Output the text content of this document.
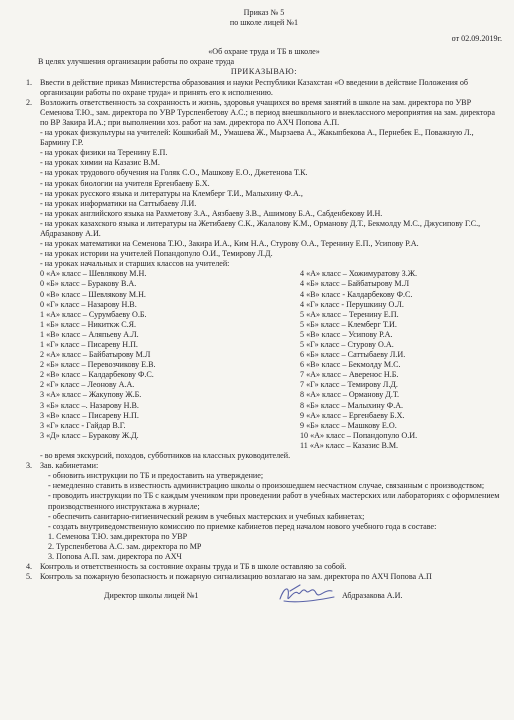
Приказ № 5
по школе лицей №1
от 02.09.2019г.
«Об охране труда и ТБ в школе»
В целях улучшения организации работы по охране труда
ПРИКАЗЫВАЮ:
1. Ввести в действие приказ Министерства образования и науки Республики Казахстан «О введении в действие Положения об организации работы по охране труда» и принять его к исполнению.
2. Возложить ответственность за сохранность и жизнь, здоровья учащихся во время занятий в школе на зам. директора по УВР Семенова Т.Ю., зам. директора по УВР Турспенбетову А.С.; в период внешкольного и внеклассного мероприятия на зам. директора по ВР Закира И.А.; при выполнении хоз. работ на зам. директора по АХЧ Попова А.П.
- на уроках физкультуры на учителей: Кошкибай М., Умашева Ж., Мырзаева А., Жакыпбекова А., Пернебек Е., Поважную Л., Бармину Г.Р.
- на уроках физики на Теренину Е.П.
- на уроках химии на Казазис В.М.
- на уроках трудового обучения на Голяк С.О., Машкову Е.О., Джетенова Т.К.
- на уроках биологии на учителя Ергенбаеву Б.Х.
- на уроках русского языка и литературы на Клемберг Т.И., Малыхину Ф.А.,
- на уроках информатики на Саттыбаеву Л.И.
- на уроках английского языка на Рахметову З.А., Аязбаеву З.В., Ашимову Б.А., Сабденбекову И.Н.
- на уроках казахского языка и литературы на Жетибаеву С.К., Жалалову К.М., Орманову Д.Т., Бекмолду М.С., Джусипову Г.С., Абдразакову А.И.
- на уроках математики на Семенова Т.Ю., Закира И.А., Ким Н.А., Стурову О.А., Теренину Е.П., Усипову Р.А.
- на уроках истории на учителей Попандопуло О.И., Темирову Л.Д.
- на уроках начальных и старших классов на учителей:
0 «А» класс – Шевлякову М.Н.
0 «Б» класс – Буракову В.А.
0 «В» класс – Шевлякову М.Н.
0 «Г» класс – Назарову Н.В.
1 «А» класс – Сурумбаеву О.Б.
1 «Б» класс – Никиткж С.Я.
1 «В» класс – Аляпьеву А.Л.
1 «Г» класс – Писареву Н.П.
2 «А» класс – Байбатырову М.Л
2 «Б» класс – Перевозчикову Е.В.
2 «В» класс – Калдарбекову Ф.С.
2 «Г» класс – Леонову А.А.
3 «А» класс – Жакупову Ж.Б.
3 «Б» класс –. Назарову Н.В.
3 «В» класс – Писареву Н.П.
3 «Г» класс - Гайдар В.Г.
3 «Д» класс – Буракову Ж.Д.
4 «А» класс – Хожимуратову З.Ж.
4 «Б» класс – Байбатырову М.Л
4 «В» класс - Калдарбекову Ф.С.
4 «Г» класс - Перушкину О.Л.
5 «А» класс – Теренину Е.П.
5 «Б» класс – Клемберг Т.И.
5 «В» класс – Усипову Р.А.
5 «Г» класс – Стурову О.А.
6 «Б» класс – Саттыбаеву Л.И.
6 «В» класс – Бекмолду М.С.
7 «А» класс – Аверенос Н.Б.
7 «Г» класс – Темирову Л.Д.
8 «А» класс – Орманову Д.Т.
8 «Б» класс – Малыхину Ф.А.
9 «А» класс – Ергенбаеву Б.Х.
9 «Б» класс – Машкову Е.О.
10 «А» класс – Попандопуло О.И.
11 «А» класс – Казазис В.М.
- во время экскурсий, походов, субботников на классных руководителей.
3. Зав. кабинетами:
- обновить инструкции по ТБ и предоставить на утверждение;
- немедленно ставить в известность администрацию школы о произошедшем несчастном случае, связанным с производством;
- проводить инструкции по ТБ с каждым учеником при проведении работ в учебных мастерских или лабораториях с оформлением производственного инструктажа в журнале;
- обеспечить санитарно-гигиенический режим в учебных мастерских и учебных кабинетах;
- создать внутриведомственную комиссию по приемке кабинетов перед началом нового учебного года в составе:
1. Семенова Т.Ю. зам.директора по УВР
2. Турспенбетова А.С. зам. директора по МР
3. Попова А.П. зам. директора по АХЧ
4. Контроль и ответственность за состояние охраны труда и ТБ в школе оставляю за собой.
5. Контроль за пожарную безопасность и пожарную сигнализацию возлагаю на зам. директора по АХЧ Попова А.П
Директор школы лицей №1	Абдразакова А.И.
